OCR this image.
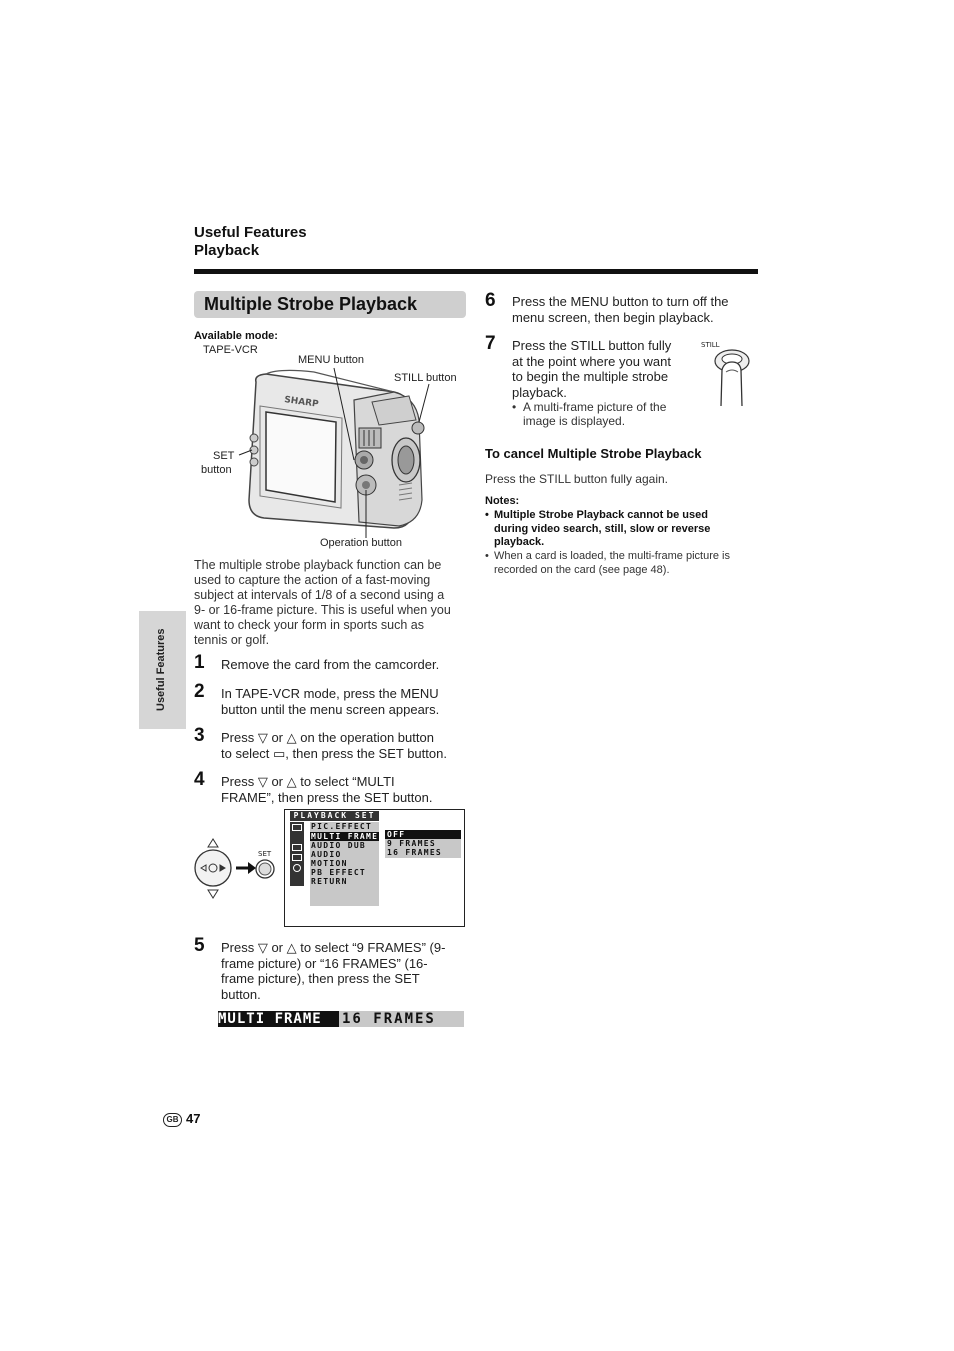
Useful Features
Playback
Multiple Strobe Playback
Available mode:
TAPE-VCR
SHARP
MENU button
STILL button
SET
button
Operation button
The multiple strobe playback function can be
used to capture the action of a fast-moving
subject at intervals of 1/8 of a second using a
9- or 16-frame picture. This is useful when you
want to check your form in sports such as
tennis or golf.
1 Remove the card from the camcorder.
2 In TAPE-VCR mode, press the MENU
button until the menu screen appears.
3 Press ▽ or △ on the operation button
to select ▭, then press the SET button.
4 Press ▽ or △ to select “MULTI
FRAME”, then press the SET button.
SET
PLAYBACK SET
PIC.EFFECT
MULTI FRAME
AUDIO DUB
AUDIO
MOTION
PB EFFECT
RETURN
OFF
9 FRAMES
16 FRAMES
5 Press ▽ or △ to select “9 FRAMES” (9-
frame picture) or “16 FRAMES” (16-
frame picture), then press the SET
button.
MULTI FRAME	16 FRAMES
6 Press the MENU button to turn off the
menu screen, then begin playback.
7 Press the STILL button fully
at the point where you want
to begin the multiple strobe
playback.
• A multi-frame picture of the
image is displayed.
STILL
To cancel Multiple Strobe Playback
Press the STILL button fully again.
Notes:
• Multiple Strobe Playback cannot be used
during video search, still, slow or reverse
playback.
• When a card is loaded, the multi-frame picture is
recorded on the card (see page 48).
Useful Features
GB 47
